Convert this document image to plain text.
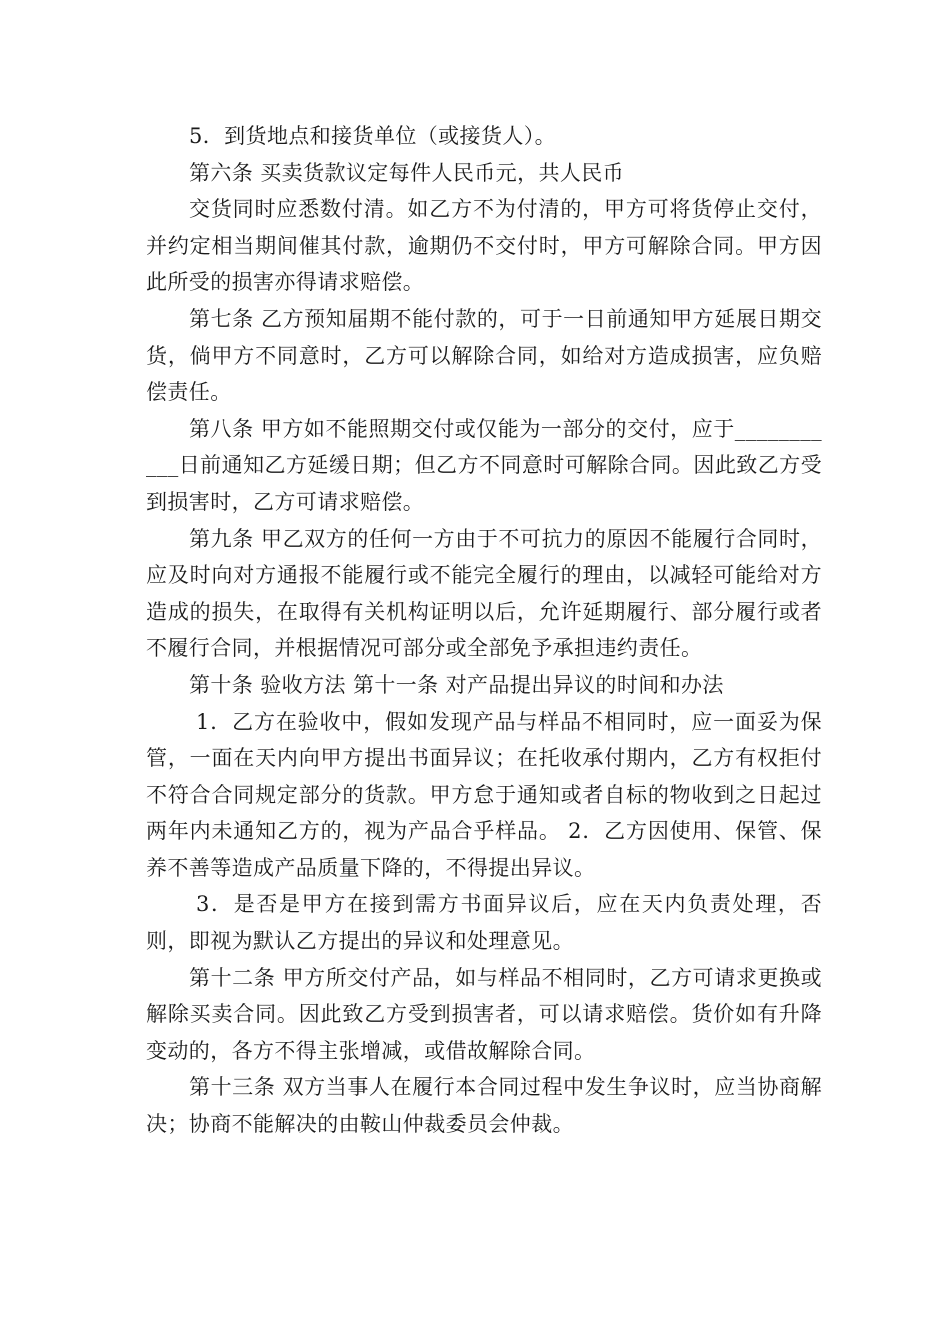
5．到货地点和接货单位（或接货人）。

第六条 买卖货款议定每件人民币元，共人民币

交货同时应悉数付清。如乙方不为付清的，甲方可将货停止交付，并约定相当期间催其付款，逾期仍不交付时，甲方可解除合同。甲方因此所受的损害亦得请求赔偿。

第七条 乙方预知届期不能付款的，可于一日前通知甲方延展日期交货，倘甲方不同意时，乙方可以解除合同，如给对方造成损害，应负赔偿责任。

第八条 甲方如不能照期交付或仅能为一部分的交付，应于___________日前通知乙方延缓日期；但乙方不同意时可解除合同。因此致乙方受到损害时，乙方可请求赔偿。

第九条 甲乙双方的任何一方由于不可抗力的原因不能履行合同时，应及时向对方通报不能履行或不能完全履行的理由，以减轻可能给对方造成的损失，在取得有关机构证明以后，允许延期履行、部分履行或者不履行合同，并根据情况可部分或全部免予承担违约责任。

第十条 验收方法 第十一条 对产品提出异议的时间和办法

1．乙方在验收中，假如发现产品与样品不相同时，应一面妥为保管，一面在天内向甲方提出书面异议；在托收承付期内，乙方有权拒付不符合合同规定部分的货款。甲方怠于通知或者自标的物收到之日起过两年内未通知乙方的，视为产品合乎样品。 2．乙方因使用、保管、保养不善等造成产品质量下降的，不得提出异议。

3．是否是甲方在接到需方书面异议后，应在天内负责处理，否则，即视为默认乙方提出的异议和处理意见。

第十二条 甲方所交付产品，如与样品不相同时，乙方可请求更换或解除买卖合同。因此致乙方受到损害者，可以请求赔偿。货价如有升降变动的，各方不得主张增减，或借故解除合同。

第十三条 双方当事人在履行本合同过程中发生争议时，应当协商解决；协商不能解决的由鞍山仲裁委员会仲裁。
